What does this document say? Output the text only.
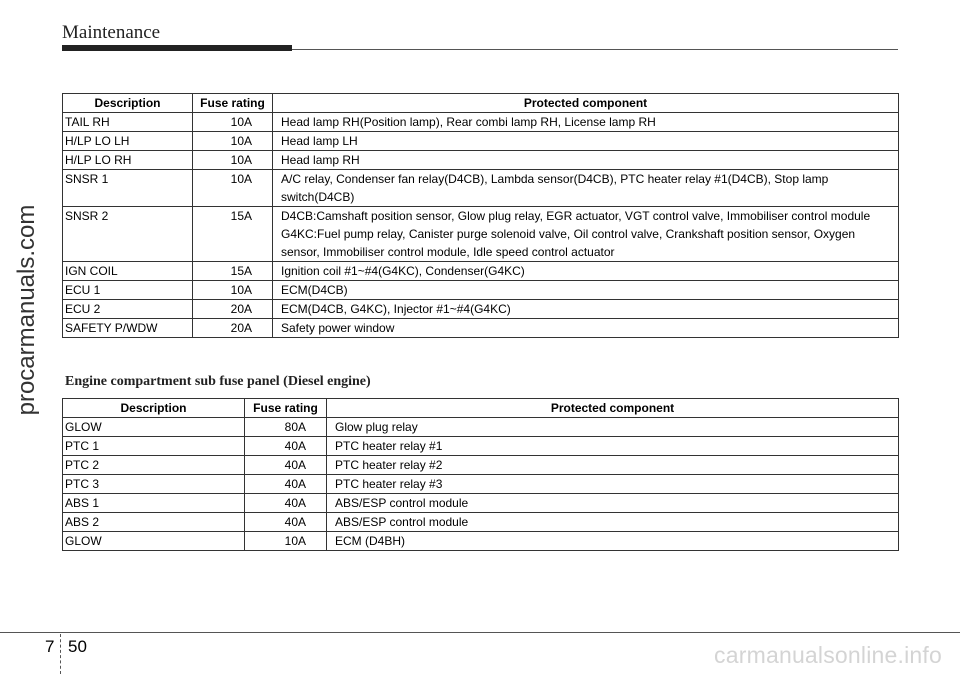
Maintenance
procarmanuals.com
Description	Fuse rating	Protected component
TAIL RH	10A	Head lamp RH(Position lamp), Rear combi lamp RH, License lamp RH
H/LP LO LH	10A	Head lamp LH
H/LP LO RH	10A	Head lamp RH
SNSR 1	10A	A/C relay, Condenser fan relay(D4CB), Lambda sensor(D4CB), PTC heater relay #1(D4CB), Stop lamp switch(D4CB)
SNSR 2	15A	D4CB:Camshaft position sensor, Glow plug relay, EGR actuator, VGT control valve, Immobiliser control module G4KC:Fuel pump relay, Canister purge solenoid valve, Oil control valve, Crankshaft position sensor, Oxygen sensor, Immobiliser control module, Idle speed control actuator
IGN COIL	15A	Ignition coil #1~#4(G4KC), Condenser(G4KC)
ECU 1	10A	ECM(D4CB)
ECU 2	20A	ECM(D4CB, G4KC), Injector #1~#4(G4KC)
SAFETY P/WDW	20A	Safety power window
Engine compartment sub fuse panel (Diesel engine)
Description	Fuse rating	Protected component
GLOW	80A	Glow plug relay
PTC 1	40A	PTC heater relay #1
PTC 2	40A	PTC heater relay #2
PTC 3	40A	PTC heater relay #3
ABS 1	40A	ABS/ESP control module
ABS 2	40A	ABS/ESP control module
GLOW	10A	ECM (D4BH)
7 50	carmanualsonline.info
